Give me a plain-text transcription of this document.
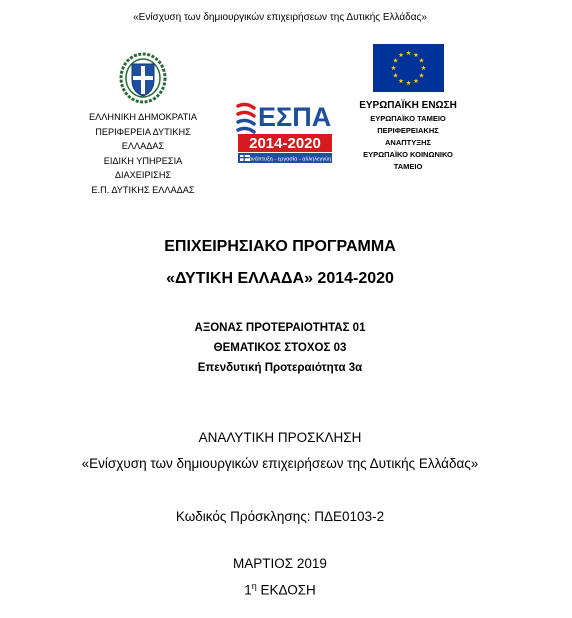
«Ενίσχυση των δημιουργικών επιχειρήσεων της Δυτικής Ελλάδας»
ΕΛΛΗΝΙΚΗ ΔΗΜΟΚΡΑΤΙΑ
ΠΕΡΙΦΕΡΕΙΑ ΔΥΤΙΚΗΣ
ΕΛΛΑΔΑΣ
ΕΙΔΙΚΗ ΥΠΗΡΕΣΙΑ
ΔΙΑΧΕΙΡΙΣΗΣ
Ε.Π. ΔΥΤΙΚΗΣ ΕΛΛΑΔΑΣ
ΕΣΠΑ
2014-2020
ανάπτυξη - εργασία - αλληλεγγύη
ΕΥΡΩΠΑΪΚΗ ΕΝΩΣΗ
ΕΥΡΩΠΑΪΚΟ ΤΑΜΕΙΟ
ΠΕΡΙΦΕΡΕΙΑΚΗΣ
ΑΝΑΠΤΥΞΗΣ
ΕΥΡΩΠΑΪΚΟ ΚΟΙΝΩΝΙΚΟ
ΤΑΜΕΙΟ
ΕΠΙΧΕΙΡΗΣΙΑΚΟ ΠΡΟΓΡΑΜΜΑ
«ΔΥΤΙΚΗ ΕΛΛΑΔΑ» 2014-2020
ΑΞΟΝΑΣ ΠΡΟΤΕΡΑΙΟΤΗΤΑΣ 01
ΘΕΜΑΤΙΚΟΣ ΣΤΟΧΟΣ 03
Επενδυτική Προτεραιότητα 3α
ΑΝΑΛΥΤΙΚΗ ΠΡΟΣΚΛΗΣΗ
«Ενίσχυση των δημιουργικών επιχειρήσεων της Δυτικής Ελλάδας»
Κωδικός Πρόσκλησης: ΠΔΕ0103-2
ΜΑΡΤΙΟΣ 2019
$1^\eta$ ΕΚΔΟΣΗ
